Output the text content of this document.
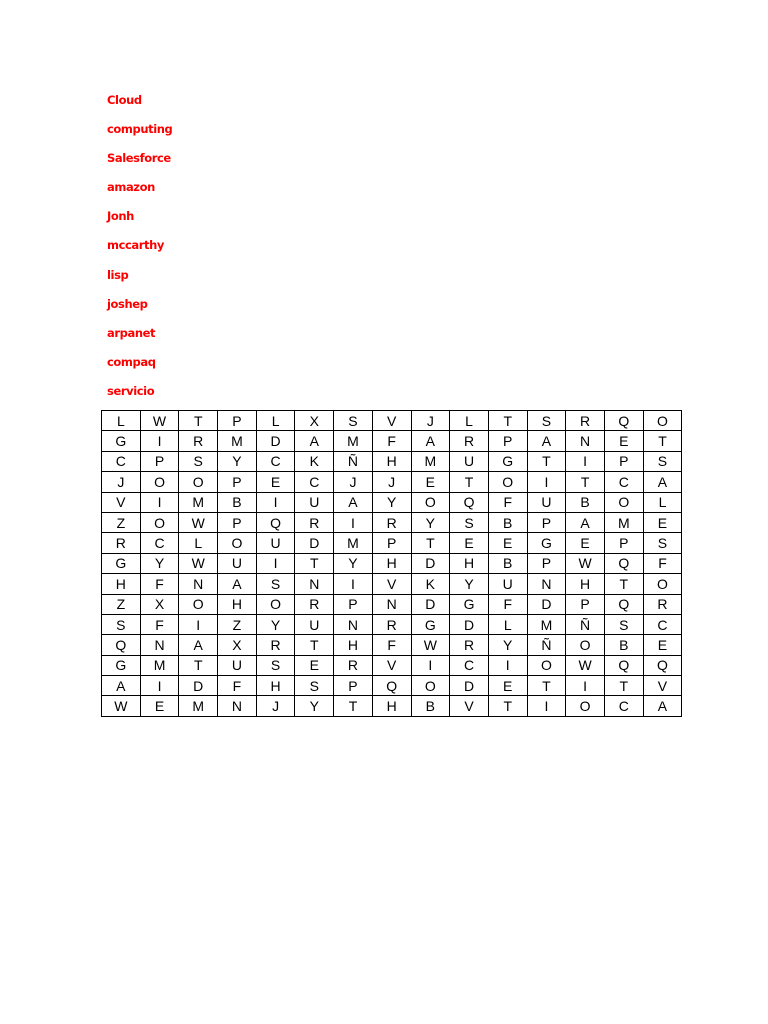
Cloud
computing
Salesforce
amazon
Jonh
mccarthy
lisp
joshep
arpanet
compaq
servicio
L	W	T	P	L	X	S	V	J	L	T	S	R	Q	O
G	I	R	M	D	A	M	F	A	R	P	A	N	E	T
C	P	S	Y	C	K	Ñ	H	M	U	G	T	I	P	S
J	O	O	P	E	C	J	J	E	T	O	I	T	C	A
V	I	M	B	I	U	A	Y	O	Q	F	U	B	O	L
Z	O	W	P	Q	R	I	R	Y	S	B	P	A	M	E
R	C	L	O	U	D	M	P	T	E	E	G	E	P	S
G	Y	W	U	I	T	Y	H	D	H	B	P	W	Q	F
H	F	N	A	S	N	I	V	K	Y	U	N	H	T	O
Z	X	O	H	O	R	P	N	D	G	F	D	P	Q	R
S	F	I	Z	Y	U	N	R	G	D	L	M	Ñ	S	C
Q	N	A	X	R	T	H	F	W	R	Y	Ñ	O	B	E
G	M	T	U	S	E	R	V	I	C	I	O	W	Q	Q
A	I	D	F	H	S	P	Q	O	D	E	T	I	T	V
W	E	M	N	J	Y	T	H	B	V	T	I	O	C	A
